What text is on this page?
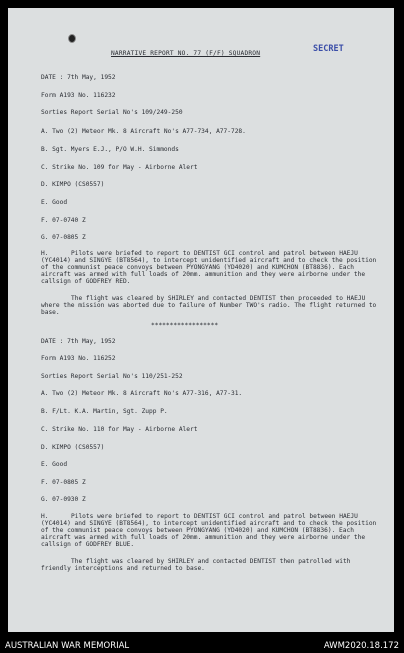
NARRATIVE REPORT NO. 77 (F/F) SQUADRON	SECRET
DATE : 7th May, 1952
Form A193 No. 116232
Sorties Report Serial No's 109/249-250
A. Two (2) Meteor Mk. 8 Aircraft No's A77-734, A77-728.
B. Sgt. Myers E.J., P/O W.H. Simmonds
C. Strike No. 109 for May - Airborne Alert
D. KIMPO (CS0557)
E. Good
F. 07-0740 Z
G. 07-0805 Z
H.	Pilots were briefed to report to DENTIST GCI control and patrol between HAEJU (YC4014) and SINGYE (BT8564), to intercept unidentified aircraft and to check the position of the communist peace convoys between PYONGYANG (YD4020) and KUMCHON (BT8836). Each aircraft was armed with full loads of 20mm. ammunition and they were airborne under the callsign of GODFREY RED.
The flight was cleared by SHIRLEY and contacted DENTIST then proceeded to HAEJU where the mission was aborted due to failure of Number TWO's radio. The flight returned to base.
******************
DATE : 7th May, 1952
Form A193 No. 116252
Sorties Report Serial No's 110/251-252
A. Two (2) Meteor Mk. 8 Aircraft No's A77-316, A77-31.
B. F/Lt. K.A. Martin, Sgt. Zupp P.
C. Strike No. 110 for May - Airborne Alert
D. KIMPO (CS0557)
E. Good
F. 07-0805 Z
G. 07-0930 Z
H.	Pilots were briefed to report to DENTIST GCI control and patrol between HAEJU (YC4014) and SINGYE (BT8564), to intercept unidentified aircraft and to check the position of the communist peace convoys between PYONGYANG (YD4020) and KUMCHON (BT8836). Each aircraft was armed with full loads of 20mm. ammunition and they were airborne under the callsign of GODFREY BLUE.
The flight was cleared by SHIRLEY and contacted DENTIST then patrolled with friendly interceptions and returned to base.
AUSTRALIAN WAR MEMORIAL	AWM2020.18.172
